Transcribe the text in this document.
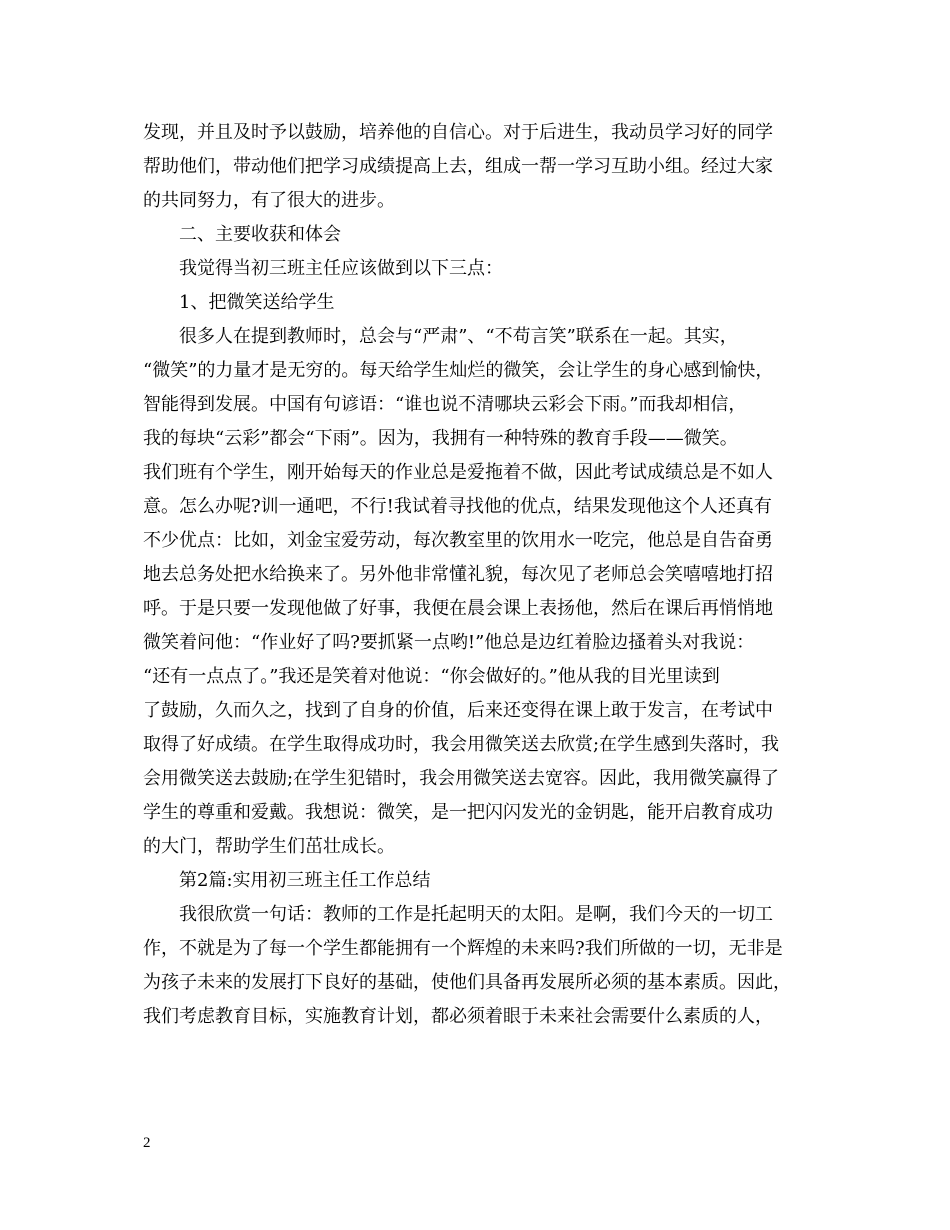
发现，并且及时予以鼓励，培养他的自信心。对于后进生，我动员学习好的同学
帮助他们，带动他们把学习成绩提高上去，组成一帮一学习互助小组。经过大家
的共同努力，有了很大的进步。
二、主要收获和体会
我觉得当初三班主任应该做到以下三点：
1、把微笑送给学生
很多人在提到教师时，总会与“严肃”、“不苟言笑”联系在一起。其实，
“微笑”的力量才是无穷的。每天给学生灿烂的微笑，会让学生的身心感到愉快，
智能得到发展。中国有句谚语：“谁也说不清哪块云彩会下雨。”而我却相信，
我的每块“云彩”都会“下雨”。因为，我拥有一种特殊的教育手段——微笑。
我们班有个学生，刚开始每天的作业总是爱拖着不做，因此考试成绩总是不如人
意。怎么办呢?训一通吧，不行!我试着寻找他的优点，结果发现他这个人还真有
不少优点：比如，刘金宝爱劳动，每次教室里的饮用水一吃完，他总是自告奋勇
地去总务处把水给换来了。另外他非常懂礼貌，每次见了老师总会笑嘻嘻地打招
呼。于是只要一发现他做了好事，我便在晨会课上表扬他，然后在课后再悄悄地
微笑着问他：“作业好了吗?要抓紧一点哟!”他总是边红着脸边搔着头对我说：
“还有一点点了。”我还是笑着对他说：“你会做好的。”他从我的目光里读到
了鼓励，久而久之，找到了自身的价值，后来还变得在课上敢于发言，在考试中
取得了好成绩。在学生取得成功时，我会用微笑送去欣赏;在学生感到失落时，我
会用微笑送去鼓励;在学生犯错时，我会用微笑送去宽容。因此，我用微笑赢得了
学生的尊重和爱戴。我想说：微笑，是一把闪闪发光的金钥匙，能开启教育成功
的大门，帮助学生们茁壮成长。
第2篇:实用初三班主任工作总结
我很欣赏一句话：教师的工作是托起明天的太阳。是啊，我们今天的一切工
作，不就是为了每一个学生都能拥有一个辉煌的未来吗?我们所做的一切，无非是
为孩子未来的发展打下良好的基础，使他们具备再发展所必须的基本素质。因此，
我们考虑教育目标，实施教育计划，都必须着眼于未来社会需要什么素质的人，
2
